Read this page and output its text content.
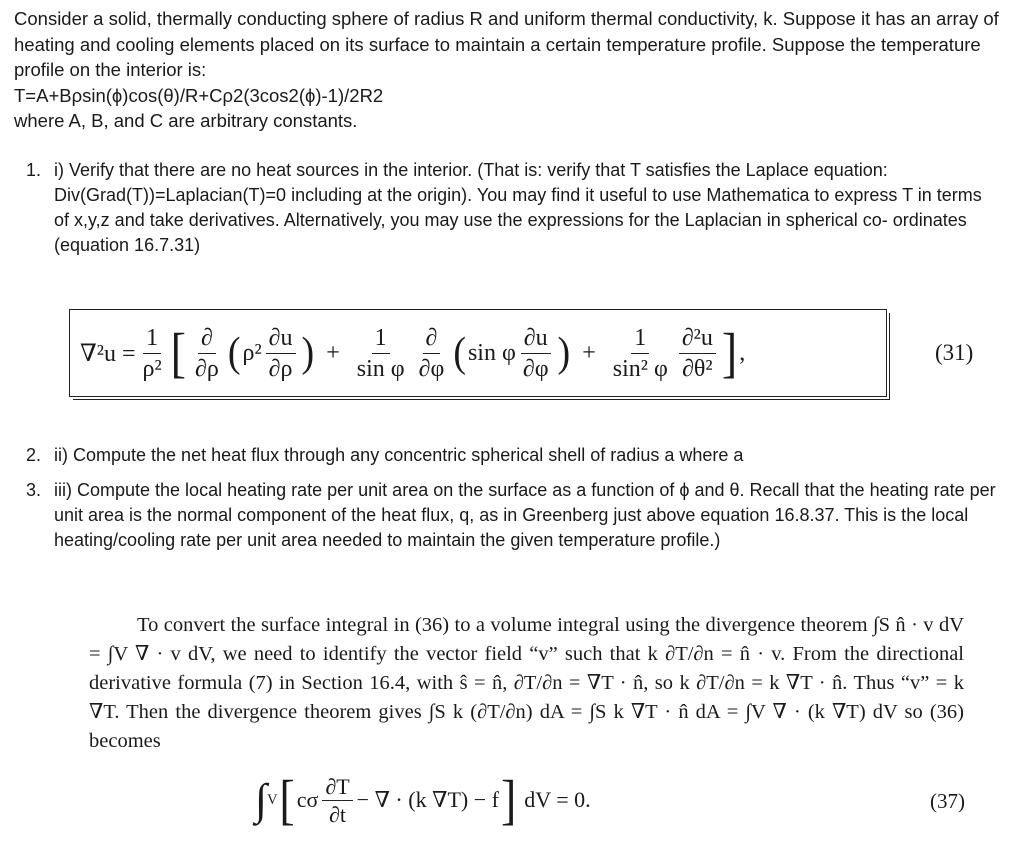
Consider a solid, thermally conducting sphere of radius R and uniform thermal conductivity, k. Suppose it has an array of heating and cooling elements placed on its surface to maintain a certain temperature profile. Suppose the temperature profile on the interior is:

T=A+Bρsin(ϕ)cos(θ)/R+Cρ2(3cos2(ϕ)-1)/2R2

where A, B, and C are arbitrary constants.

1. i) Verify that there are no heat sources in the interior. (That is: verify that T satisfies the Laplace equation: Div(Grad(T))=Laplacian(T)=0 including at the origin). You may find it useful to use Mathematica to express T in terms of x,y,z and take derivatives. Alternatively, you may use the expressions for the Laplacian in spherical co- ordinates (equation 16.7.31)
$\nabla^2u = \frac{1}{\text{ρ²}}$ [ $\frac{\partial}{\partial\rho}$ ( $\rho^2 \frac{\partial u}{\partial\rho}$ ) + $\frac{1}{\text{sin φ}} \frac{\partial}{\partial\varphi}$ ( sin φ $\frac{\partial u}{\partial\varphi}$ ) + $\frac{1}{\text{sin² φ}} \frac{\text{∂²u}}{\text{∂θ²}}$ ] ,	(31)
2. ii) Compute the net heat flux through any concentric spherical shell of radius a where a
3. iii) Compute the local heating rate per unit area on the surface as a function of ϕ and θ. Recall that the heating rate per unit area is the normal component of the heat flux, q, as in Greenberg just above equation 16.8.37. This is the local heating/cooling rate per unit area needed to maintain the given temperature profile.)

To convert the surface integral in (36) to a volume integral using the divergence theorem ∫S n̂ · v dV = ∫V ∇ · v dV, we need to identify the vector field “v” such that k ∂T/∂n = n̂ · v. From the directional derivative formula (7) in Section 16.4, with ŝ = n̂, ∂T/∂n = ∇T · n̂, so k ∂T/∂n = k ∇T · n̂. Thus “v” = k ∇T. Then the divergence theorem gives ∫S k (∂T/∂n) dA = ∫S k ∇T · n̂ dA = ∫V ∇ · (k ∇T) dV so (36) becomes

∫ V [ cσ $\frac{\partial T}{\partial t}$ − ∇ · (k ∇T) − f ] dV = 0.	(37)
